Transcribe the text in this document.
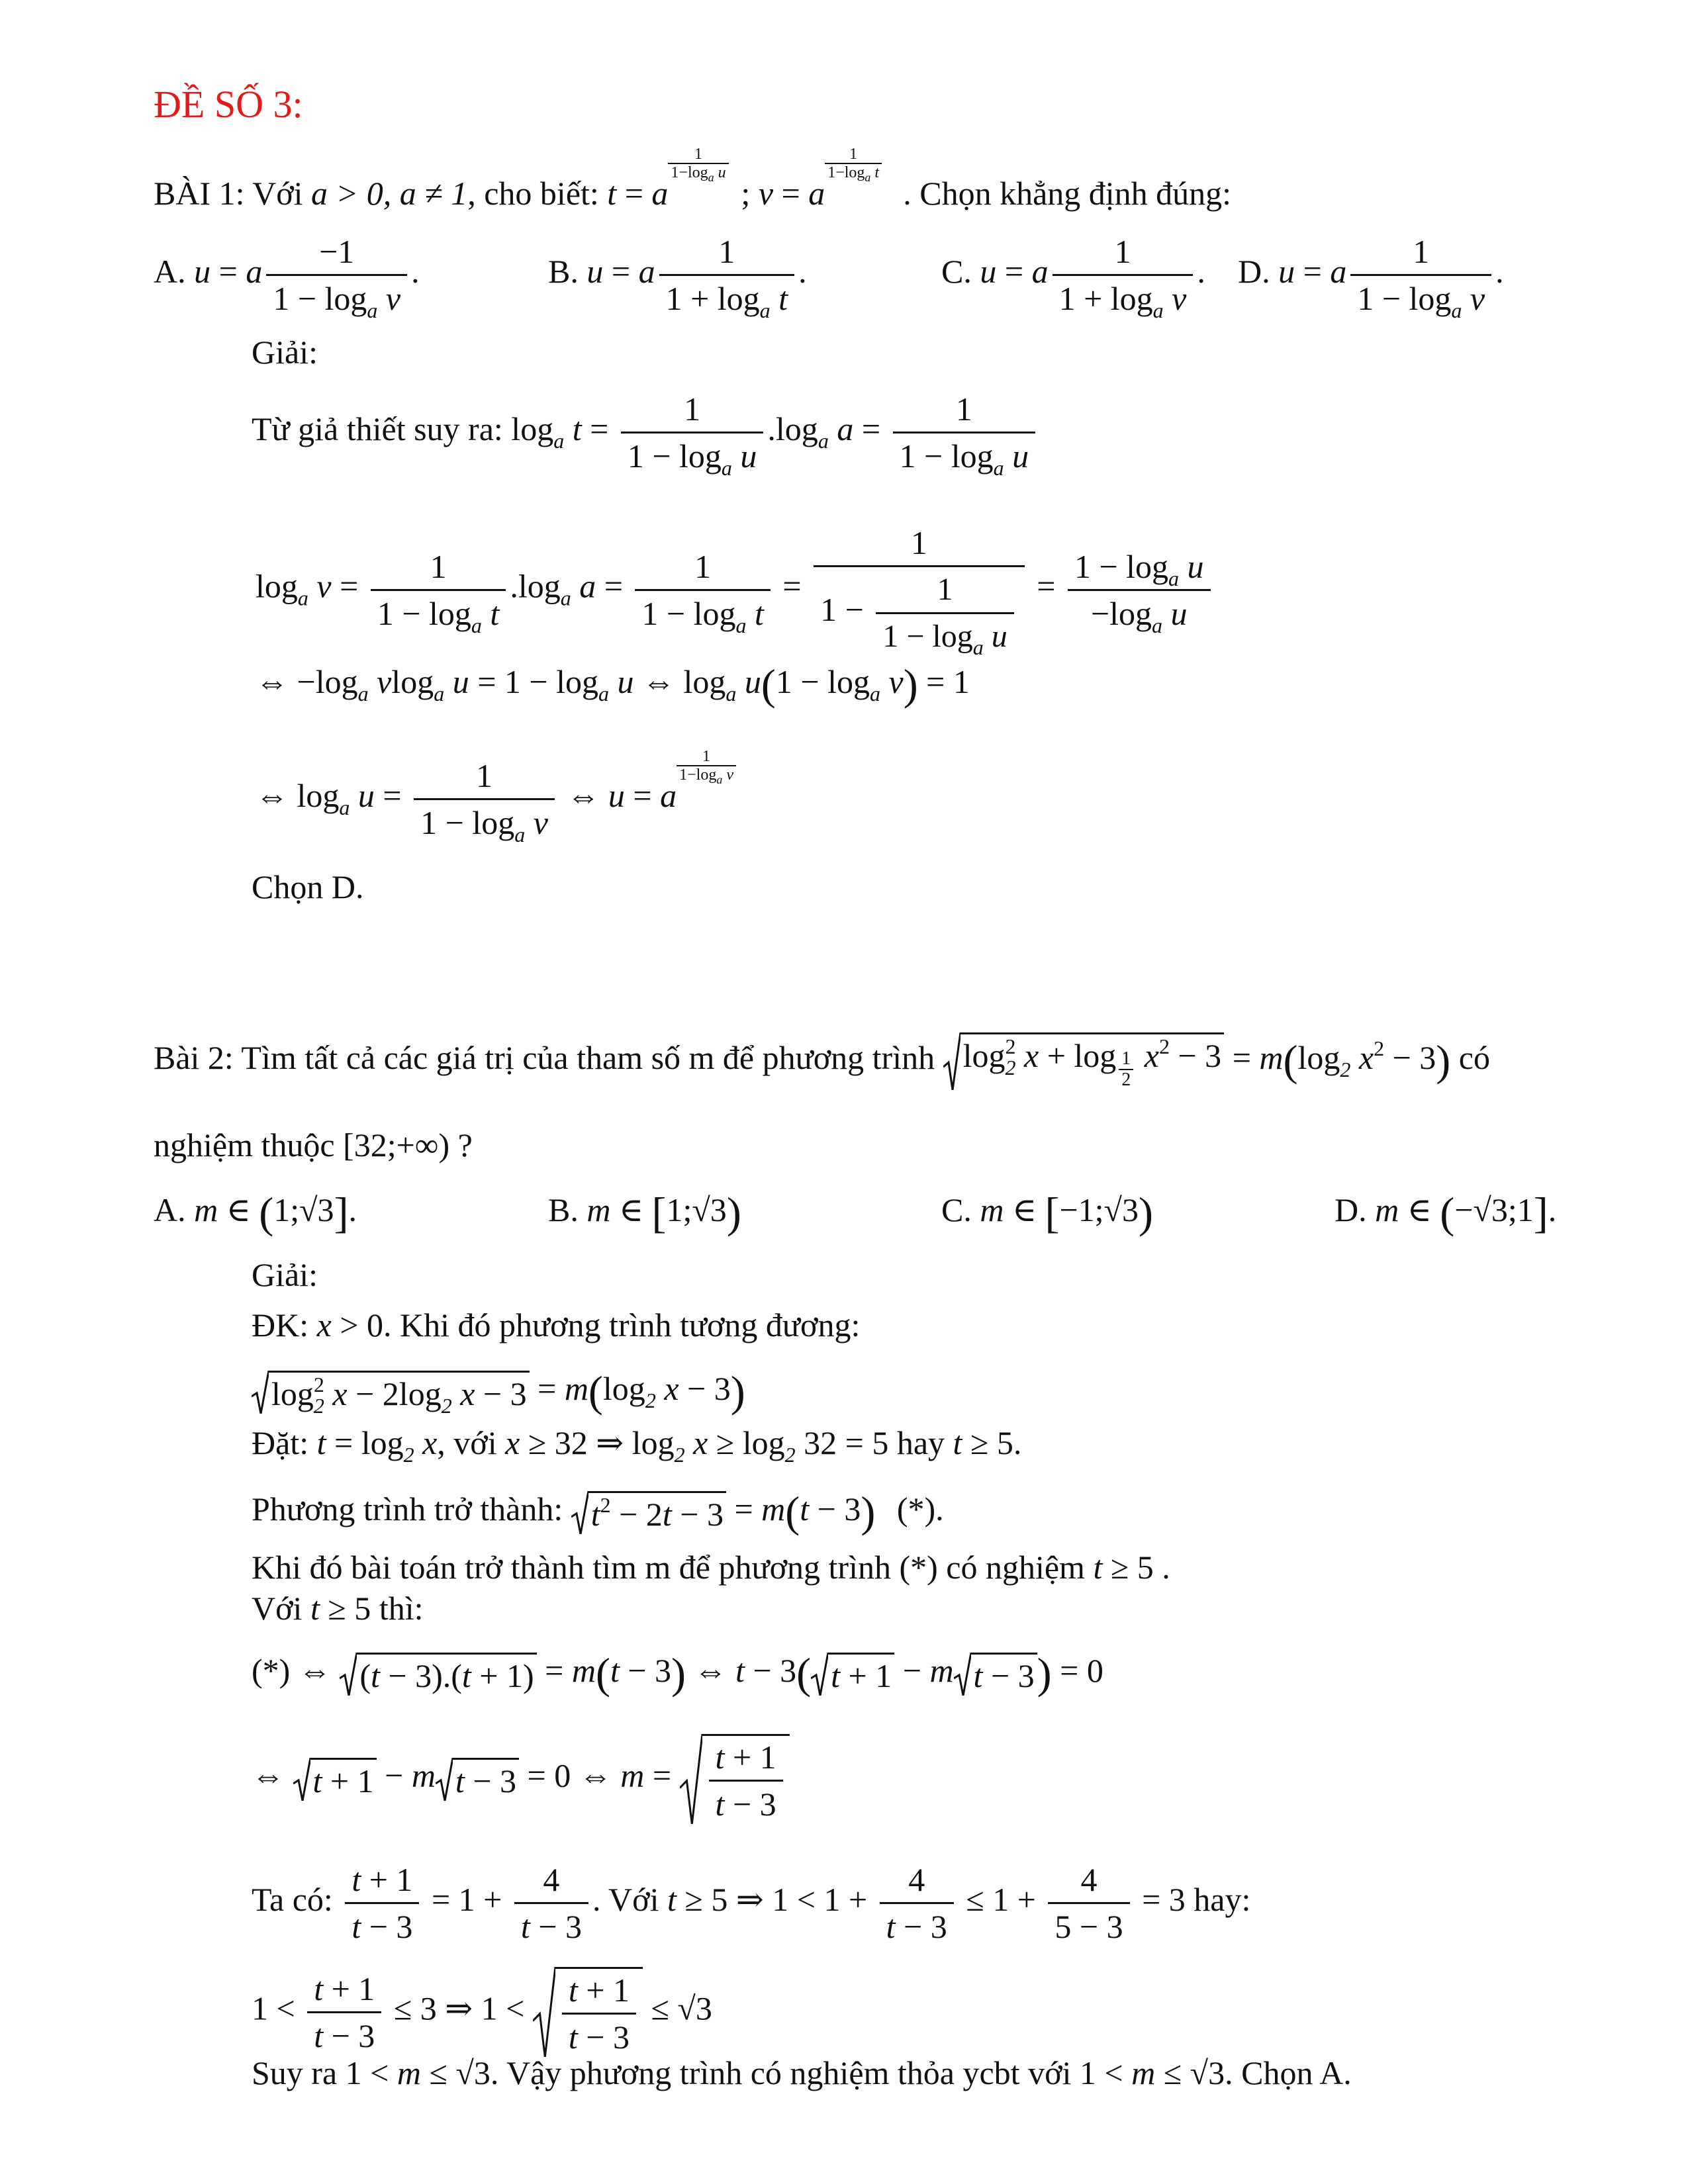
ĐỀ SỐ 3:
BÀI 1: Với a > 0, a ≠ 1, cho biết: t = a
1
$1-\log_a$ u
; v = a
1
$1-\log_a$ t
. Chọn khẳng định đúng:
A. u = a $\frac{-1}{1 - \log_a v}$ .	B. u = a $\frac{1}{1 + \log_a t}$ .	C. u = a $\frac{1}{1 + \log_a v}$ . D. u = a $\frac{1}{1 - \log_a v}$ .
Giải:
Từ giả thiết suy ra: $\log_a t = \frac{1}{1 - \log_a u} .\log_a$ $a = \frac{1}{1 - \log_a u}$
$\log_a v = \frac{1}{1 - \log_a t} .\log_a$ $a = \frac{1}{1 - \log_a t} = \frac{1}{1 - \frac{1}{1 - \log_a u}} = \frac{1 - \log_a u}{-\log_a u}$
⇔ $-\log_a$ vlog$_a$ $u = 1 - \log_a u$ ⇔ $\log_a u(1 - \log_a v) = 1$
⇔ $\log_a u = \frac{1}{1 - \log_a v}$ ⇔ u = a
1
$1-\log_a$ v
Chọn D.
Bài 2: Tìm tất cả các giá trị của tham số m để phương trình $\log_2^2 x + \log \frac{1}{2} x^2 - 3 = m(\log_2$ $x^2 - 3$) có
nghiệm thuộc [32;+∞) ?
A. m ∈ (1;√3].	B. m ∈ [1;√3)	C. m ∈ [−1;√3)	D. m ∈ (−√3;1].
Giải:
ĐK: x > 0. Khi đó phương trình tương đương:
$\log_2^2 x - 2\log_2$ $x - 3 = m(\log_2$ x − 3)
Đặt: $t = \log_2 x$, với x ≥ 32 ⇒ $\log_2 x \ge \log_2 32 = 5$ hay t ≥ 5.
Phương trình trở thành: $t^2 - 2t - 3 = m(t - 3)$ (*).
Khi đó bài toán trở thành tìm m để phương trình (*) có nghiệm t ≥ 5 .
Với t ≥ 5 thì:
(*) ⇔ (t − 3).(t + 1) = m(t − 3) ⇔ t − 3( t + 1 − m t − 3 ) = 0
⇔ t + 1 − m t − 3 = 0 ⇔ $m = \frac{t + 1}{t - 3}$
Ta có: $\frac{t + 1}{t - 3} = 1 + \frac{4}{t - 3}$ . Với t ≥ 5 ⇒ $1 < 1 + \frac{4}{t - 3} \le 1 + \frac{4}{5 - 3} = 3$ hay:
$1 < \frac{t + 1}{t - 3} \le 3$ ⇒ $1 < \frac{t + 1}{t - 3} \le √3$
Suy ra 1 < m ≤ √3. Vậy phương trình có nghiệm thỏa ycbt với 1 < m ≤ √3. Chọn A.
